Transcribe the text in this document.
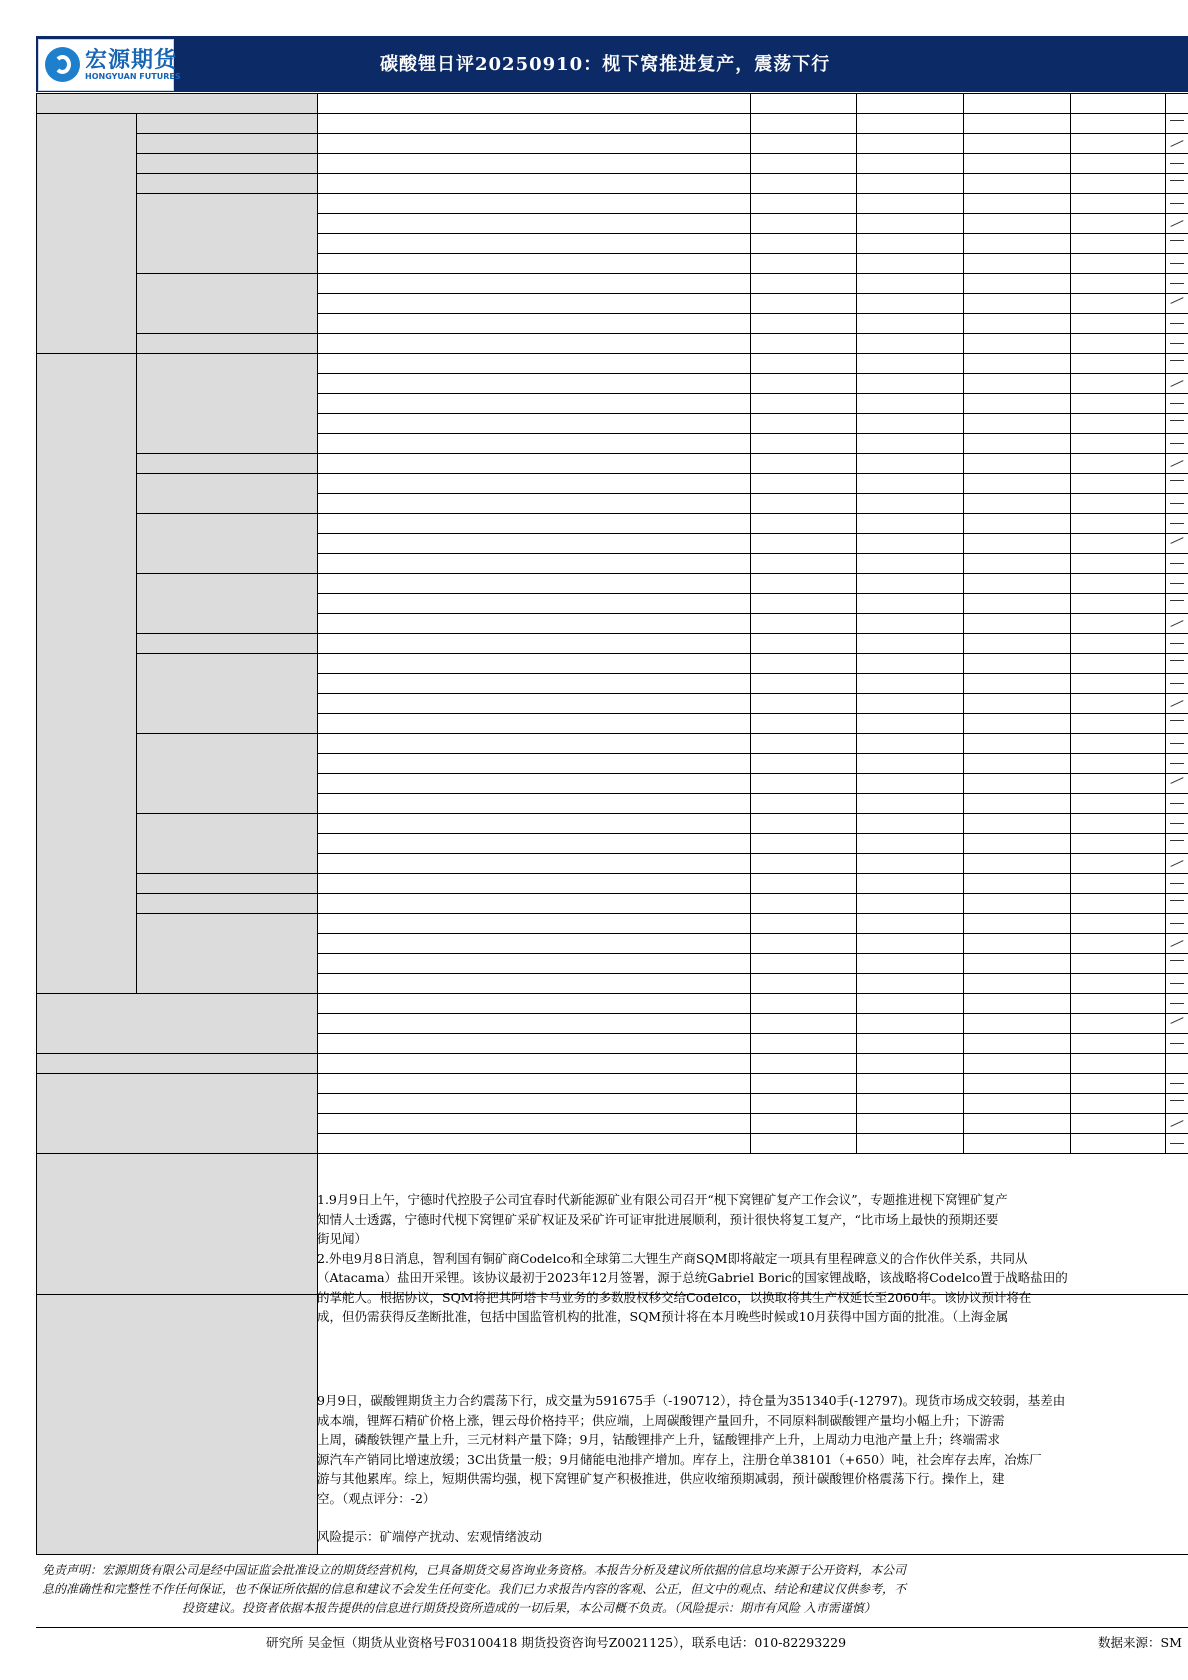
碳酸锂日评20250910：枧下窝推进复产，震荡下行
宏源期货
HONGYUAN FUTURES
1.9月9日上午，宁德时代控股子公司宜春时代新能源矿业有限公司召开“枧下窝锂矿复产工作会议”，专题推进枧下窝锂矿复产
知情人士透露，宁德时代枧下窝锂矿采矿权证及采矿许可证审批进展顺利，预计很快将复工复产，“比市场上最快的预期还要
街见闻）
2.外电9月8日消息，智利国有铜矿商Codelco和全球第二大锂生产商SQM即将敲定一项具有里程碑意义的合作伙伴关系，共同从
（Atacama）盐田开采锂。该协议最初于2023年12月签署，源于总统Gabriel Boric的国家锂战略，该战略将Codelco置于战略盐田的
的掌舵人。根据协议，SQM将把其阿塔卡马业务的多数股权移交给Codelco，以换取将其生产权延长至2060年。该协议预计将在
成，但仍需获得反垄断批准，包括中国监管机构的批准，SQM预计将在本月晚些时候或10月获得中国方面的批准。（上海金属
9月9日，碳酸锂期货主力合约震荡下行，成交量为591675手（-190712），持仓量为351340手(-12797)。现货市场成交较弱，基差由
成本端，锂辉石精矿价格上涨，锂云母价格持平；供应端，上周碳酸锂产量回升，不同原料制碳酸锂产量均小幅上升；下游需
上周，磷酸铁锂产量上升，三元材料产量下降；9月，钴酸锂排产上升，锰酸锂排产上升，上周动力电池产量上升；终端需求
源汽车产销同比增速放缓；3C出货量一般；9月储能电池排产增加。库存上，注册仓单38101（+650）吨，社会库存去库，冶炼厂
游与其他累库。综上，短期供需均强，枧下窝锂矿复产积极推进，供应收缩预期减弱，预计碳酸锂价格震荡下行。操作上，建
空。（观点评分：-2）
风险提示：矿端停产扰动、宏观情绪波动
免责声明：宏源期货有限公司是经中国证监会批准设立的期货经营机构，已具备期货交易咨询业务资格。本报告分析及建议所依据的信息均来源于公开资料，本公司
息的准确性和完整性不作任何保证，也不保证所依据的信息和建议不会发生任何变化。我们已力求报告内容的客观、公正，但文中的观点、结论和建议仅供参考，不
投资建议。投资者依据本报告提供的信息进行期货投资所造成的一切后果，本公司概不负责。（风险提示：期市有风险 入市需谨慎）
研究所 吴金恒（期货从业资格号F03100418 期货投资咨询号Z0021125），联系电话：010-82293229	数据来源：SM
